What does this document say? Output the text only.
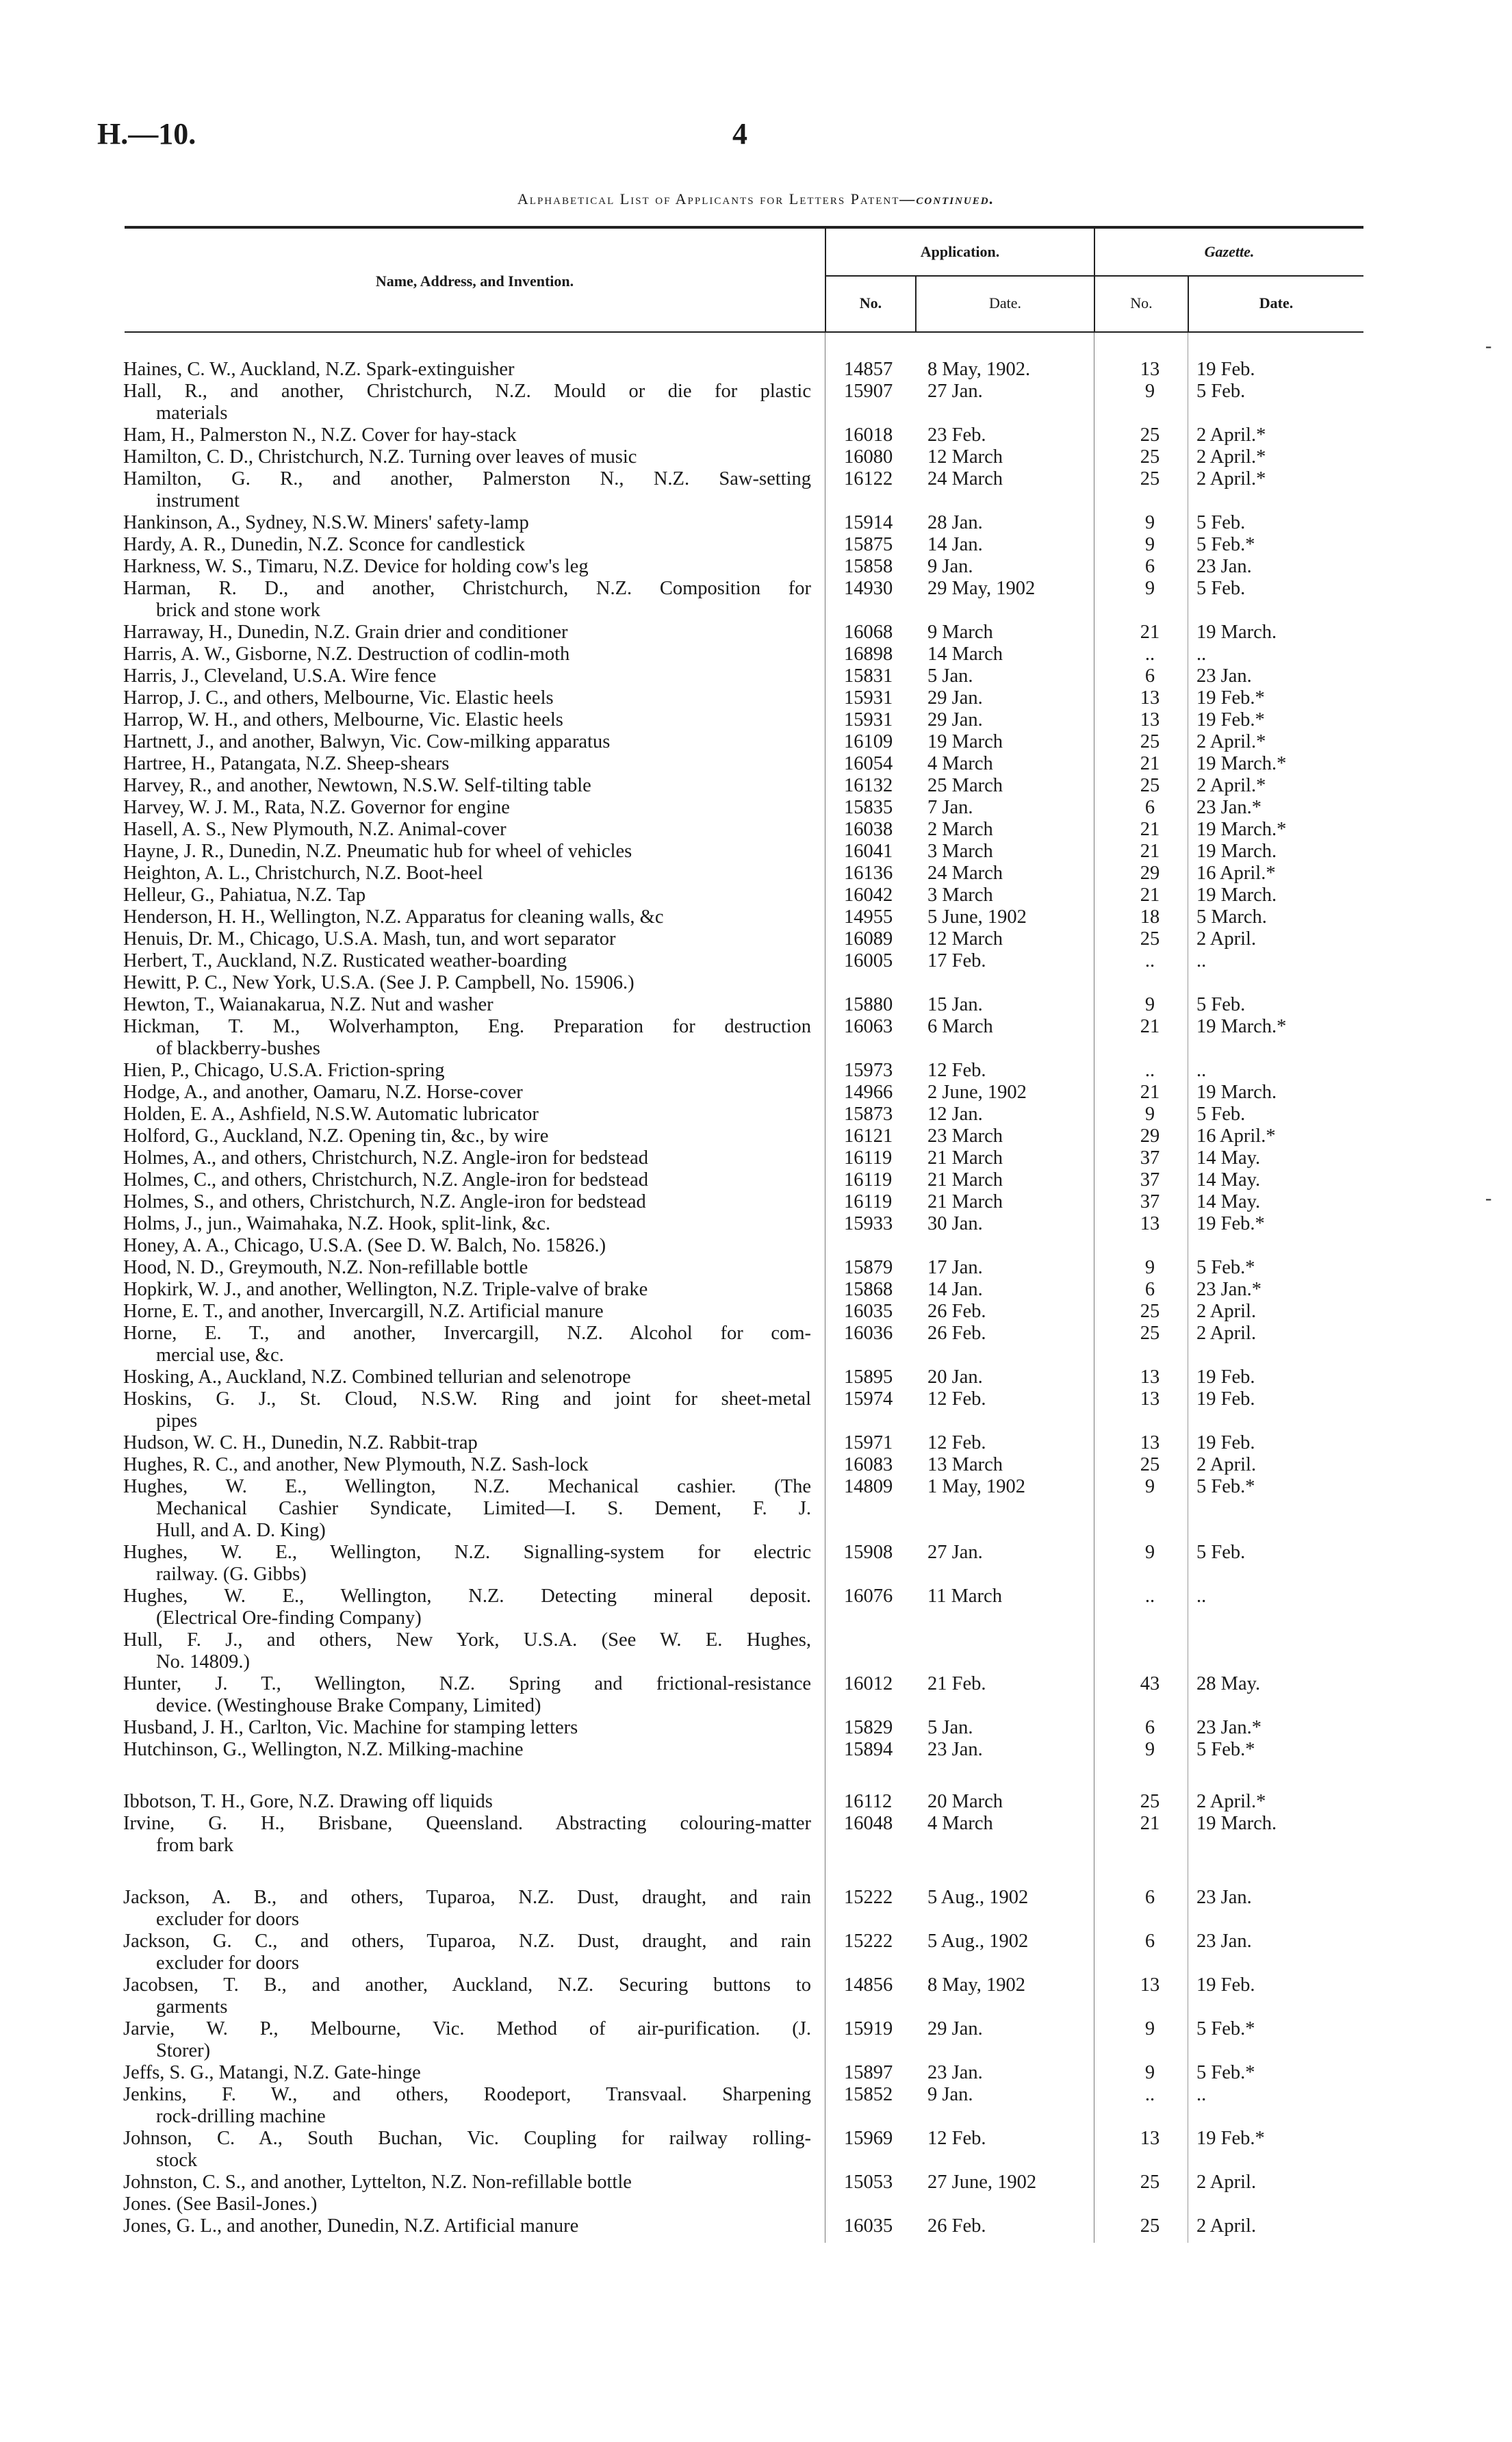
H.—10.	4
Alphabetical List of Applicants for Letters Patent—continued.
Name, Address, and Invention.
Application.	Gazette.
No.	Date.	No.	Date.
‐
‐
Haines, C. W., Auckland, N.Z. Spark-extinguisher	14857	8 May, 1902.	13	19 Feb.
Hall, R., and another, Christchurch, N.Z. Mould or die for plastic
materials
15907	27 Jan.	9	5 Feb.
Ham, H., Palmerston N., N.Z. Cover for hay-stack	16018	23 Feb.	25	2 April.*
Hamilton, C. D., Christchurch, N.Z. Turning over leaves of music	16080	12 March	25	2 April.*
Hamilton, G. R., and another, Palmerston N., N.Z. Saw-setting
instrument
16122	24 March	25	2 April.*
Hankinson, A., Sydney, N.S.W. Miners' safety-lamp	15914	28 Jan.	9	5 Feb.
Hardy, A. R., Dunedin, N.Z. Sconce for candlestick	15875	14 Jan.	9	5 Feb.*
Harkness, W. S., Timaru, N.Z. Device for holding cow's leg	15858	9 Jan.	6	23 Jan.
Harman, R. D., and another, Christchurch, N.Z. Composition for
brick and stone work
14930	29 May, 1902	9	5 Feb.
Harraway, H., Dunedin, N.Z. Grain drier and conditioner	16068	9 March	21	19 March.
Harris, A. W., Gisborne, N.Z. Destruction of codlin-moth	16898	14 March	..	..
Harris, J., Cleveland, U.S.A. Wire fence	15831	5 Jan.	6	23 Jan.
Harrop, J. C., and others, Melbourne, Vic. Elastic heels	15931	29 Jan.	13	19 Feb.*
Harrop, W. H., and others, Melbourne, Vic. Elastic heels	15931	29 Jan.	13	19 Feb.*
Hartnett, J., and another, Balwyn, Vic. Cow-milking apparatus	16109	19 March	25	2 April.*
Hartree, H., Patangata, N.Z. Sheep-shears	16054	4 March	21	19 March.*
Harvey, R., and another, Newtown, N.S.W. Self-tilting table	16132	25 March	25	2 April.*
Harvey, W. J. M., Rata, N.Z. Governor for engine	15835	7 Jan.	6	23 Jan.*
Hasell, A. S., New Plymouth, N.Z. Animal-cover	16038	2 March	21	19 March.*
Hayne, J. R., Dunedin, N.Z. Pneumatic hub for wheel of vehicles	16041	3 March	21	19 March.
Heighton, A. L., Christchurch, N.Z. Boot-heel	16136	24 March	29	16 April.*
Helleur, G., Pahiatua, N.Z. Tap	16042	3 March	21	19 March.
Henderson, H. H., Wellington, N.Z. Apparatus for cleaning walls, &c	14955	5 June, 1902	18	5 March.
Henuis, Dr. M., Chicago, U.S.A. Mash, tun, and wort separator	16089	12 March	25	2 April.
Herbert, T., Auckland, N.Z. Rusticated weather-boarding	16005	17 Feb.	..	..
Hewitt, P. C., New York, U.S.A. (See J. P. Campbell, No. 15906.)
Hewton, T., Waianakarua, N.Z. Nut and washer	15880	15 Jan.	9	5 Feb.
Hickman, T. M., Wolverhampton, Eng. Preparation for destruction
of blackberry-bushes
16063	6 March	21	19 March.*
Hien, P., Chicago, U.S.A. Friction-spring	15973	12 Feb.	..	..
Hodge, A., and another, Oamaru, N.Z. Horse-cover	14966	2 June, 1902	21	19 March.
Holden, E. A., Ashfield, N.S.W. Automatic lubricator	15873	12 Jan.	9	5 Feb.
Holford, G., Auckland, N.Z. Opening tin, &c., by wire	16121	23 March	29	16 April.*
Holmes, A., and others, Christchurch, N.Z. Angle-iron for bedstead	16119	21 March	37	14 May.
Holmes, C., and others, Christchurch, N.Z. Angle-iron for bedstead	16119	21 March	37	14 May.
Holmes, S., and others, Christchurch, N.Z. Angle-iron for bedstead	16119	21 March	37	14 May.
Holms, J., jun., Waimahaka, N.Z. Hook, split-link, &c.	15933	30 Jan.	13	19 Feb.*
Honey, A. A., Chicago, U.S.A. (See D. W. Balch, No. 15826.)
Hood, N. D., Greymouth, N.Z. Non-refillable bottle	15879	17 Jan.	9	5 Feb.*
Hopkirk, W. J., and another, Wellington, N.Z. Triple-valve of brake	15868	14 Jan.	6	23 Jan.*
Horne, E. T., and another, Invercargill, N.Z. Artificial manure	16035	26 Feb.	25	2 April.
Horne, E. T., and another, Invercargill, N.Z. Alcohol for com-
mercial use, &c.
16036	26 Feb.	25	2 April.
Hosking, A., Auckland, N.Z. Combined tellurian and selenotrope	15895	20 Jan.	13	19 Feb.
Hoskins, G. J., St. Cloud, N.S.W. Ring and joint for sheet-metal
pipes
15974	12 Feb.	13	19 Feb.
Hudson, W. C. H., Dunedin, N.Z. Rabbit-trap	15971	12 Feb.	13	19 Feb.
Hughes, R. C., and another, New Plymouth, N.Z. Sash-lock	16083	13 March	25	2 April.
Hughes, W. E., Wellington, N.Z. Mechanical cashier. (The
Mechanical Cashier Syndicate, Limited—I. S. Dement, F. J.
Hull, and A. D. King)
14809	1 May, 1902	9	5 Feb.*
Hughes, W. E., Wellington, N.Z. Signalling-system for electric
railway. (G. Gibbs)
15908	27 Jan.	9	5 Feb.
Hughes, W. E., Wellington, N.Z. Detecting mineral deposit.
(Electrical Ore-finding Company)
16076	11 March	..	..
Hull, F. J., and others, New York, U.S.A. (See W. E. Hughes,
No. 14809.)
Hunter, J. T., Wellington, N.Z. Spring and frictional-resistance
device. (Westinghouse Brake Company, Limited)
16012	21 Feb.	43	28 May.
Husband, J. H., Carlton, Vic. Machine for stamping letters	15829	5 Jan.	6	23 Jan.*
Hutchinson, G., Wellington, N.Z. Milking-machine	15894	23 Jan.	9	5 Feb.*
Ibbotson, T. H., Gore, N.Z. Drawing off liquids	16112	20 March	25	2 April.*
Irvine, G. H., Brisbane, Queensland. Abstracting colouring-matter
from bark
16048	4 March	21	19 March.
Jackson, A. B., and others, Tuparoa, N.Z. Dust, draught, and rain
excluder for doors
15222	5 Aug., 1902	6	23 Jan.
Jackson, G. C., and others, Tuparoa, N.Z. Dust, draught, and rain
excluder for doors
15222	5 Aug., 1902	6	23 Jan.
Jacobsen, T. B., and another, Auckland, N.Z. Securing buttons to
garments
14856	8 May, 1902	13	19 Feb.
Jarvie, W. P., Melbourne, Vic. Method of air-purification. (J.
Storer)
15919	29 Jan.	9	5 Feb.*
Jeffs, S. G., Matangi, N.Z. Gate-hinge	15897	23 Jan.	9	5 Feb.*
Jenkins, F. W., and others, Roodeport, Transvaal. Sharpening
rock-drilling machine
15852	9 Jan.	..	..
Johnson, C. A., South Buchan, Vic. Coupling for railway rolling-
stock
15969	12 Feb.	13	19 Feb.*
Johnston, C. S., and another, Lyttelton, N.Z. Non-refillable bottle	15053	27 June, 1902	25	2 April.
Jones. (See Basil-Jones.)
Jones, G. L., and another, Dunedin, N.Z. Artificial manure	16035	26 Feb.	25	2 April.
